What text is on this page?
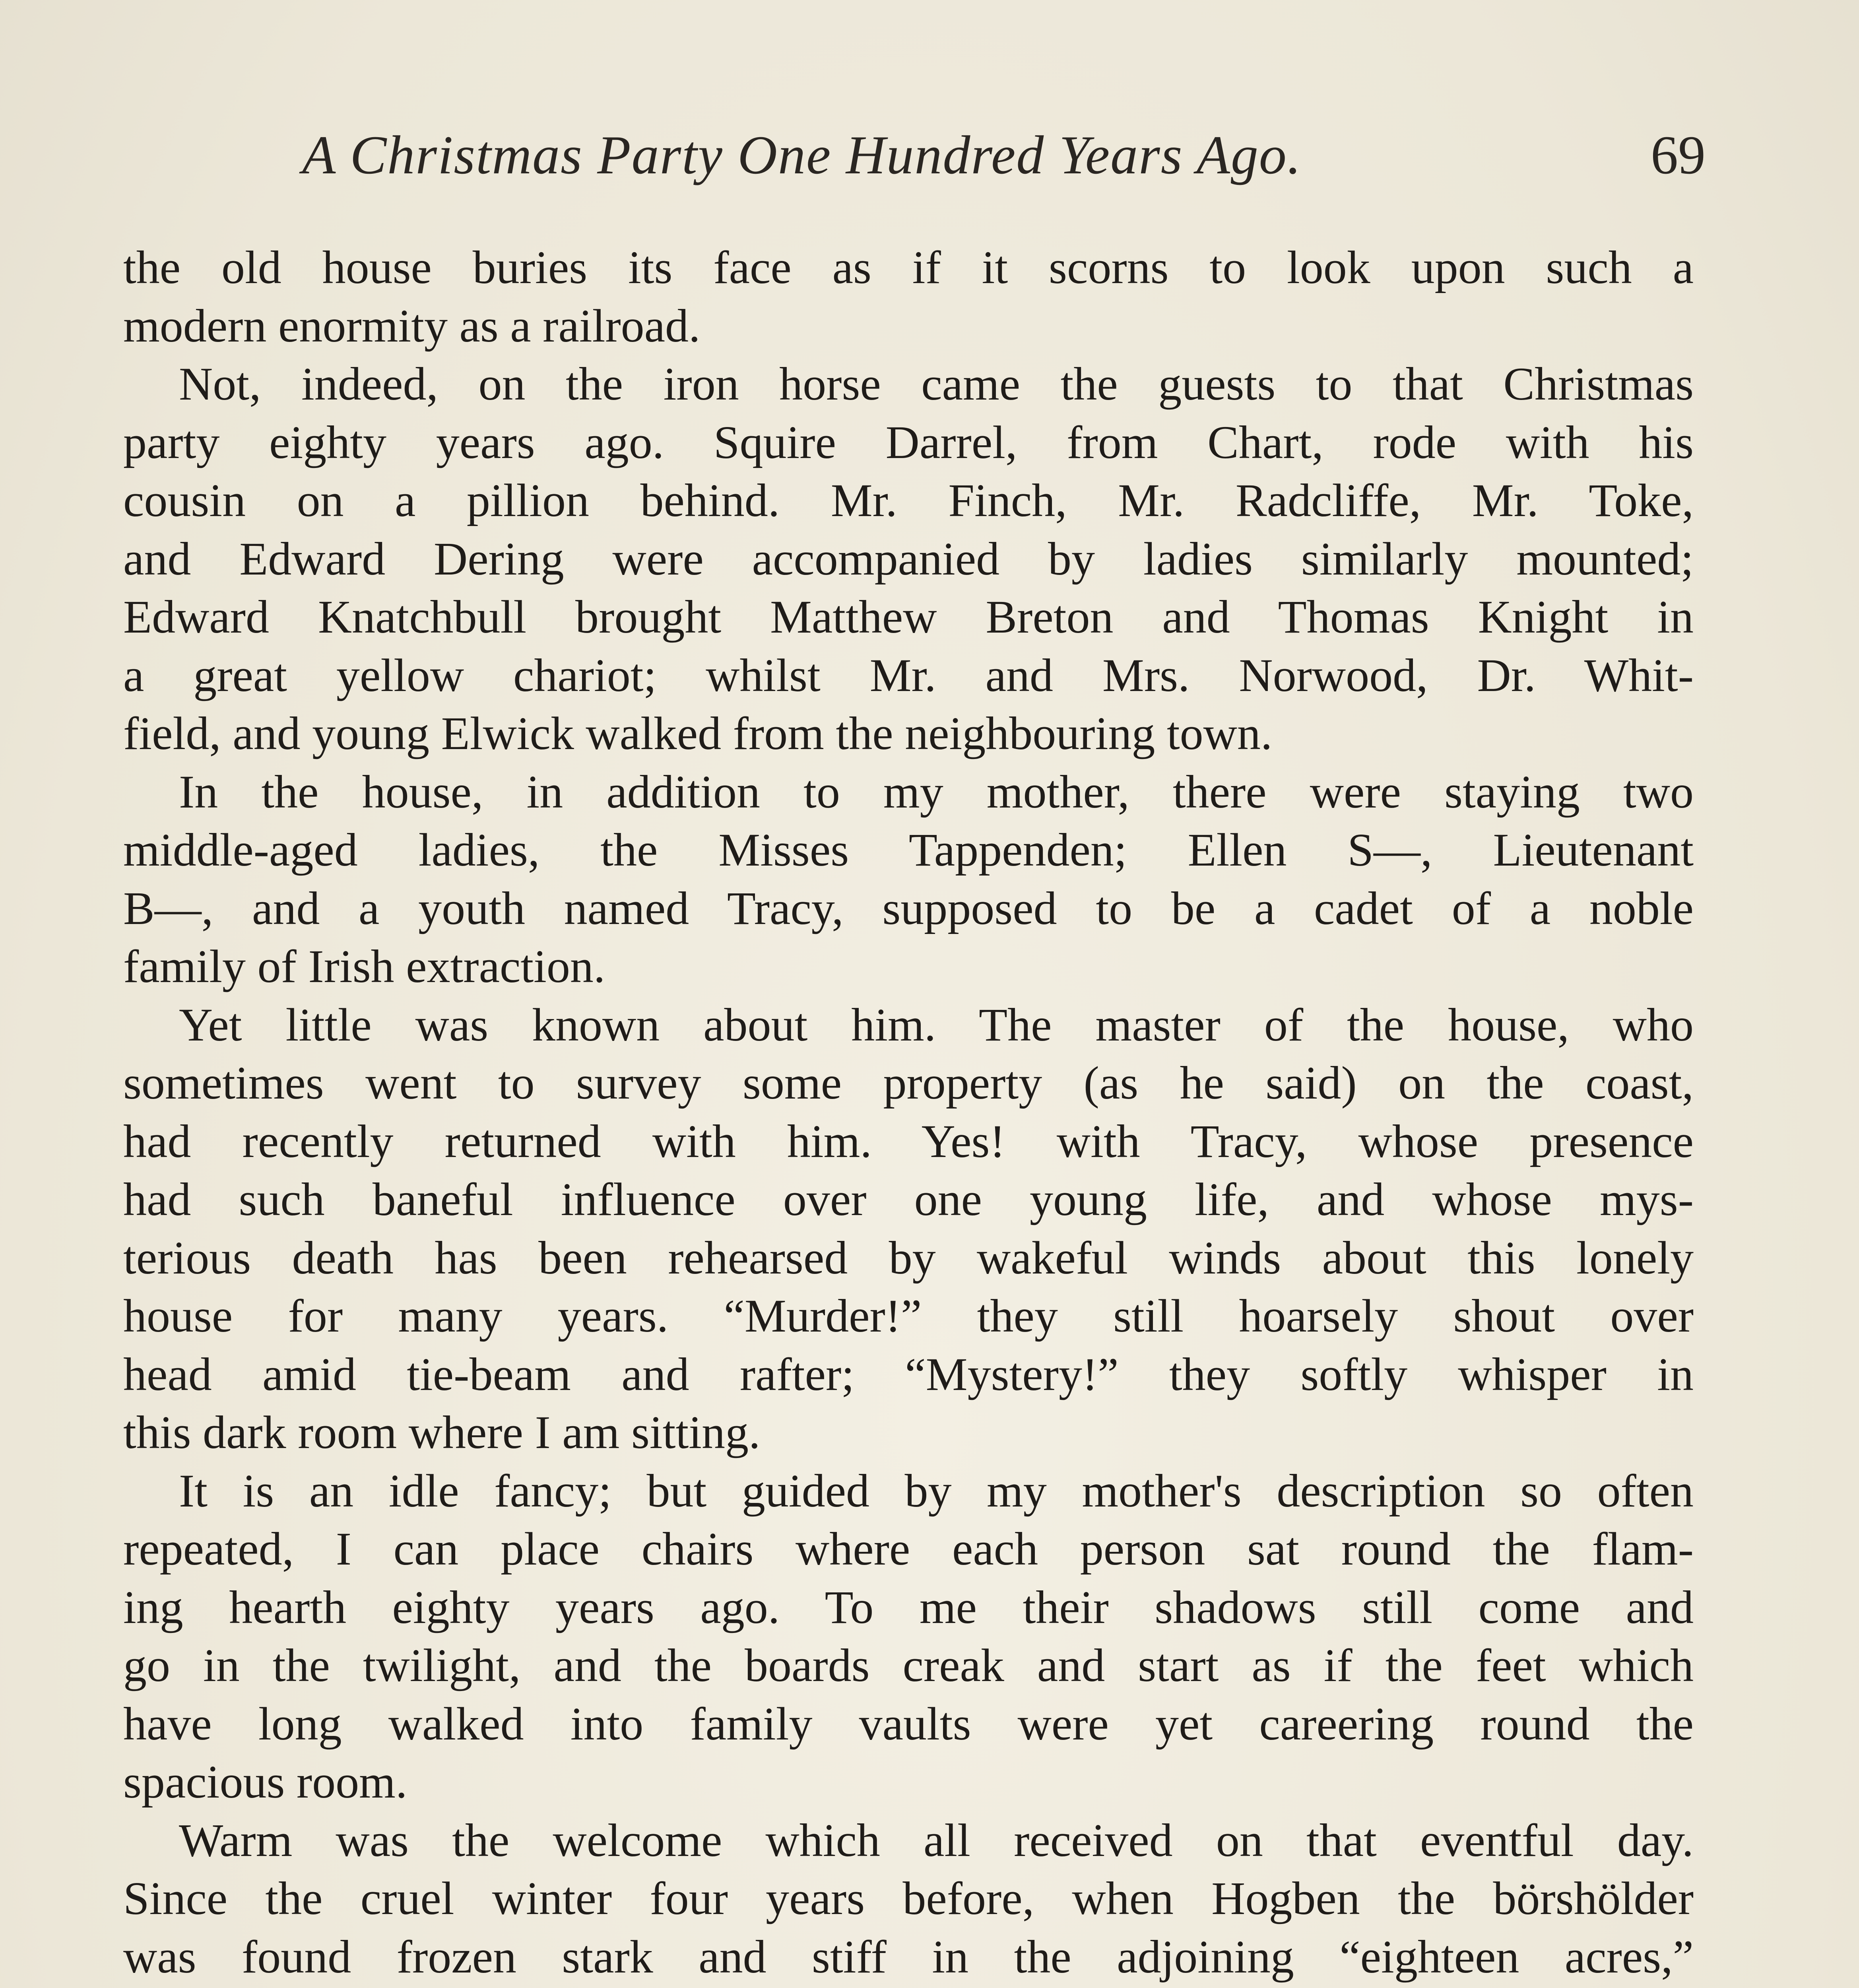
A Christmas Party One Hundred Years Ago.	69
the old house buries its face as if it scorns to look upon such a
modern enormity as a railroad.
Not, indeed, on the iron horse came the guests to that Christmas
party eighty years ago. Squire Darrel, from Chart, rode with his
cousin on a pillion behind. Mr. Finch, Mr. Radcliffe, Mr. Toke,
and Edward Dering were accompanied by ladies similarly mounted;
Edward Knatchbull brought Matthew Breton and Thomas Knight in
a great yellow chariot; whilst Mr. and Mrs. Norwood, Dr. Whit-
field, and young Elwick walked from the neighbouring town.
In the house, in addition to my mother, there were staying two
middle-aged ladies, the Misses Tappenden; Ellen S—, Lieutenant
B—, and a youth named Tracy, supposed to be a cadet of a noble
family of Irish extraction.
Yet little was known about him. The master of the house, who
sometimes went to survey some property (as he said) on the coast,
had recently returned with him. Yes! with Tracy, whose presence
had such baneful influence over one young life, and whose mys-
terious death has been rehearsed by wakeful winds about this lonely
house for many years. “Murder!” they still hoarsely shout over
head amid tie-beam and rafter; “Mystery!” they softly whisper in
this dark room where I am sitting.
It is an idle fancy; but guided by my mother's description so often
repeated, I can place chairs where each person sat round the flam-
ing hearth eighty years ago. To me their shadows still come and
go in the twilight, and the boards creak and start as if the feet which
have long walked into family vaults were yet careering round the
spacious room.
Warm was the welcome which all received on that eventful day.
Since the cruel winter four years before, when Hogben the börshölder
was found frozen stark and stiff in the adjoining “eighteen acres,”
